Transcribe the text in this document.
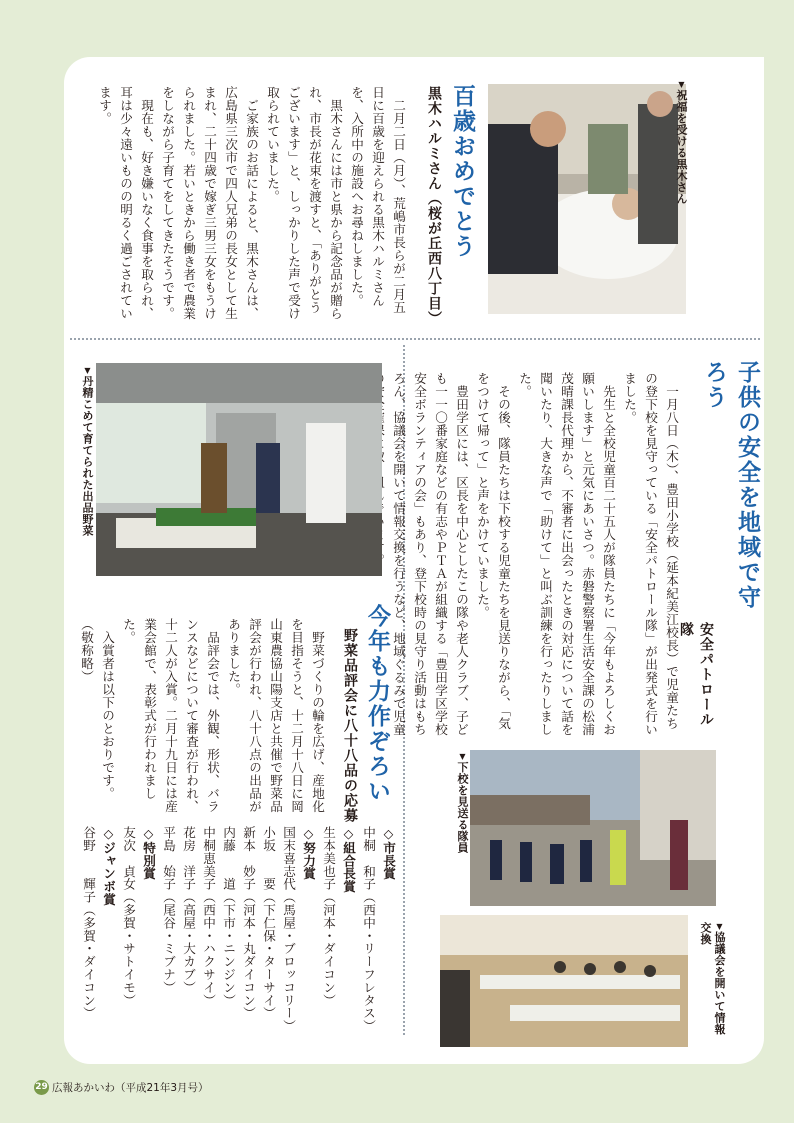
▼祝福を受ける黒木さん
百歳おめでとう
黒木ハルミさん（桜が丘西八丁目）

二月二日（月）、荒嶋市長らが二月五日に百歳を迎えられる黒木ハルミさんを、入所中の施設へお尋ねしました。

黒木さんには市と県から記念品が贈られ、市長が花束を渡すと、「ありがとうございます」と、しっかりした声で受け取られていました。

ご家族のお話によると、黒木さんは、広島県三次市で四人兄弟の長女として生まれ、二十四歳で嫁ぎ三男三女をもうけられました。若いときから働き者で農業をしながら子育てをしてきたそうです。

現在も、好き嫌いなく食事を取られ、耳は少々遠いものの明るく過ごされています。

子供の安全を地域で守ろう
安全パトロール隊

一月八日（木）、豊田小学校（延本紀美江校長）で児童たちの登下校を見守っている「安全パトロール隊」が出発式を行いました。

先生と全校児童百二十五人が隊員たちに「今年もよろしくお願いします」と元気にあいさつ。赤磐警察署生活安全課の松浦茂晴課長代理から、不審者に出会ったときの対応について話を聞いたり、大きな声で「助けて」と叫ぶ訓練を行ったりしました。

その後、隊員たちは下校する児童たちを見送りながら、「気をつけて帰って」と声をかけていました。

豊田学区には、区長を中心としたこの隊や老人クラブ、子ども一一〇番家庭などの有志やＰＴＡが組織する「豊田学区学校安全ボランティアの会」もあり、登下校時の見守り活動はもちろん、協議会を開いて情報交換を行うなど、地域ぐるみで児童

▼下校を見送る隊員
▼協議会を開いて情報交換
▼丹精こめて育てられた出品野菜
今年も力作ぞろい
野菜品評会に八十八品の応募

野菜づくりの輪を広げ、産地化を目指そうと、十二月十八日に岡山東農協山陽支店と共催で野菜品評会が行われ、八十八点の出品がありました。

品評会では、外観、形状、バランスなどについて審査が行われ、十二人が入賞。二月十九日には産業会館で、表彰式が行われました。

入賞者は以下のとおりです。（敬称略）

◇市長賞
中桐　和子（西中・リーフレタス）
◇組合長賞
生本美也子（河本・ダイコン）
◇努力賞
国末喜志代（馬屋・ブロッコリー）
小坂　　要（下仁保・ターサイ）
新本　妙子（河本・丸ダイコン）
内藤　　道（下市・ニンジン）
中桐恵美子（西中・ハクサイ）
花房　洋子（高屋・大カブ）
平島　始子（尾谷・ミブナ）
◇特別賞
友次　貞女（多賀・サトイモ）
◇ジャンボ賞
谷野　　輝子（多賀・ダイコン）
29 広報あかいわ（平成21年3月号）
